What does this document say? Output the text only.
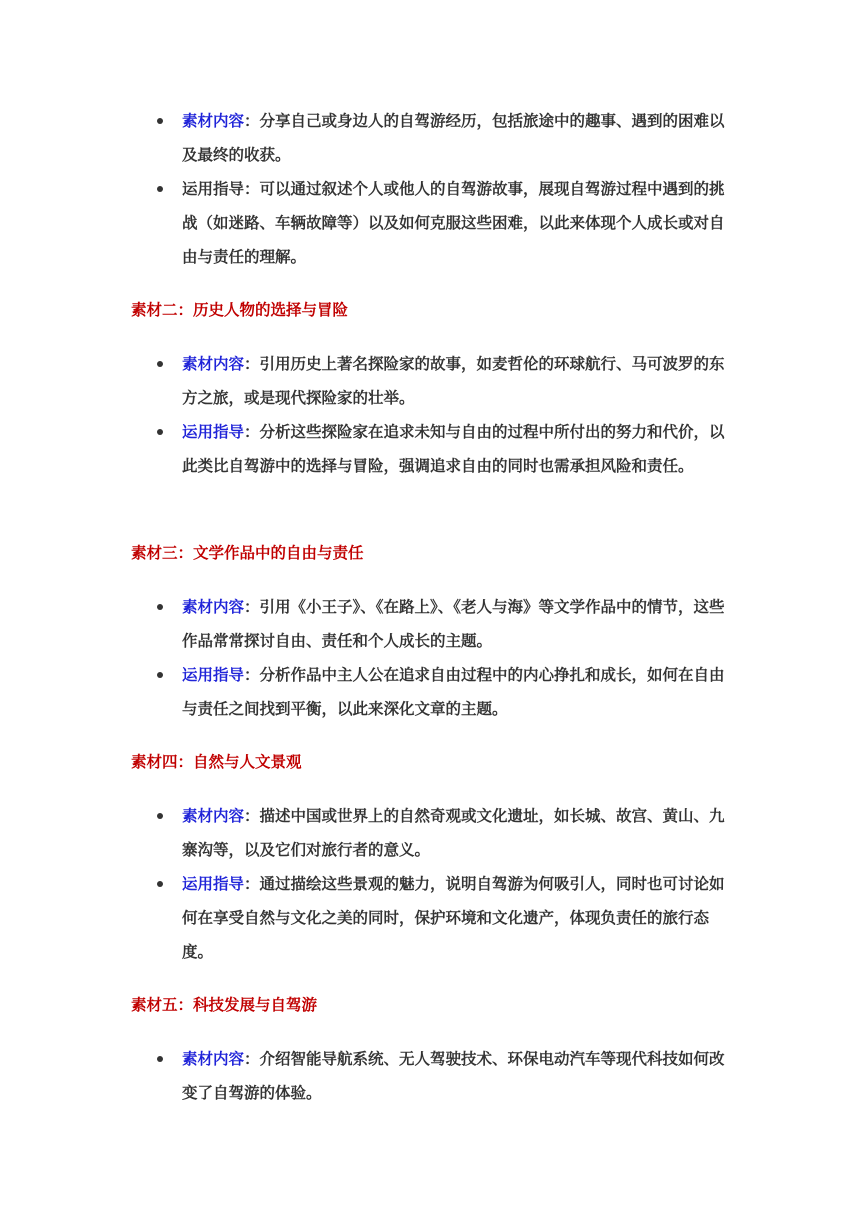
素材内容：分享自己或身边人的自驾游经历，包括旅途中的趣事、遇到的困难以及最终的收获。
运用指导：可以通过叙述个人或他人的自驾游故事，展现自驾游过程中遇到的挑战（如迷路、车辆故障等）以及如何克服这些困难，以此来体现个人成长或对自由与责任的理解。
素材二：历史人物的选择与冒险
素材内容：引用历史上著名探险家的故事，如麦哲伦的环球航行、马可波罗的东方之旅，或是现代探险家的壮举。
运用指导：分析这些探险家在追求未知与自由的过程中所付出的努力和代价，以此类比自驾游中的选择与冒险，强调追求自由的同时也需承担风险和责任。
素材三：文学作品中的自由与责任
素材内容：引用《小王子》、《在路上》、《老人与海》等文学作品中的情节，这些作品常常探讨自由、责任和个人成长的主题。
运用指导：分析作品中主人公在追求自由过程中的内心挣扎和成长，如何在自由与责任之间找到平衡，以此来深化文章的主题。
素材四：自然与人文景观
素材内容：描述中国或世界上的自然奇观或文化遗址，如长城、故宫、黄山、九寨沟等，以及它们对旅行者的意义。
运用指导：通过描绘这些景观的魅力，说明自驾游为何吸引人，同时也可讨论如何在享受自然与文化之美的同时，保护环境和文化遗产，体现负责任的旅行态度。
素材五：科技发展与自驾游
素材内容：介绍智能导航系统、无人驾驶技术、环保电动汽车等现代科技如何改变了自驾游的体验。
